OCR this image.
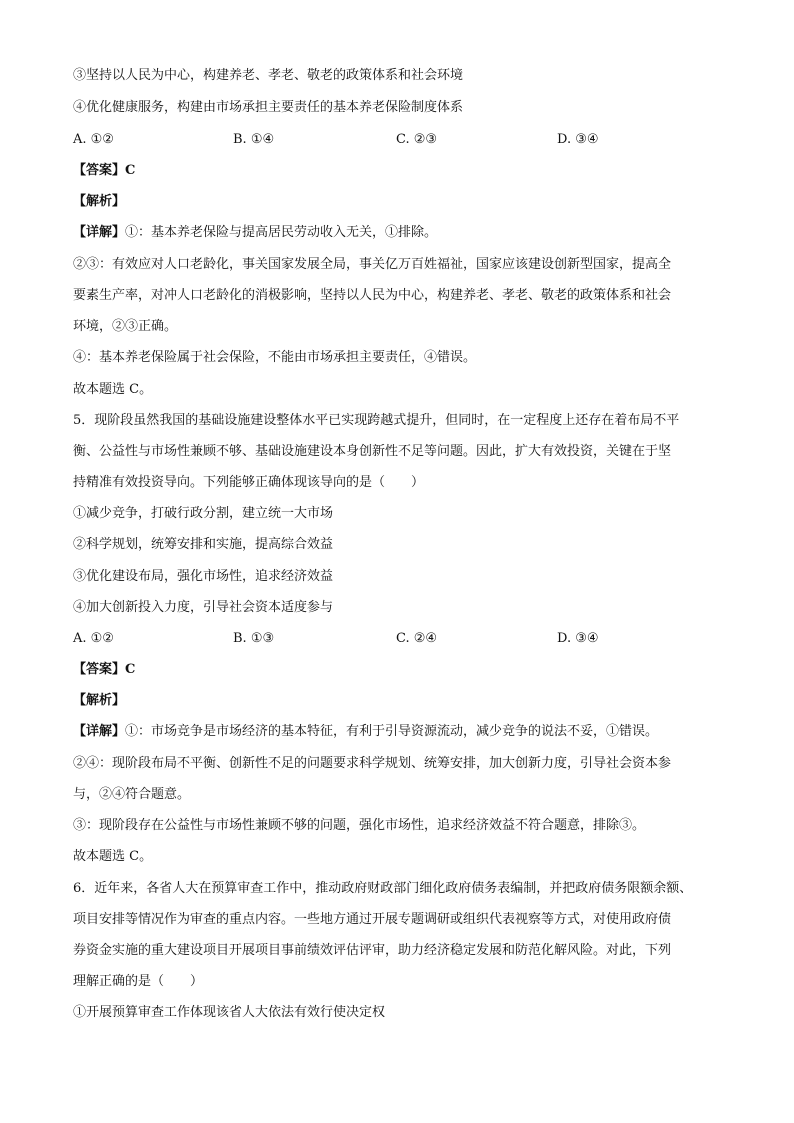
③坚持以人民为中心，构建养老、孝老、敬老的政策体系和社会环境
④优化健康服务，构建由市场承担主要责任的基本养老保险制度体系
A. ①②	B. ①④	C. ②③	D. ③④
【答案】C
【解析】
【详解】①：基本养老保险与提高居民劳动收入无关，①排除。
②③：有效应对人口老龄化，事关国家发展全局，事关亿万百姓福祉，国家应该建设创新型国家，提高全
要素生产率，对冲人口老龄化的消极影响，坚持以人民为中心，构建养老、孝老、敬老的政策体系和社会
环境，②③正确。
④：基本养老保险属于社会保险，不能由市场承担主要责任，④错误。
故本题选 C。
5．现阶段虽然我国的基础设施建设整体水平已实现跨越式提升，但同时，在一定程度上还存在着布局不平
衡、公益性与市场性兼顾不够、基础设施建设本身创新性不足等问题。因此，扩大有效投资，关键在于坚
持精准有效投资导向。下列能够正确体现该导向的是（　　）
①减少竞争，打破行政分割，建立统一大市场
②科学规划，统筹安排和实施，提高综合效益
③优化建设布局，强化市场性，追求经济效益
④加大创新投入力度，引导社会资本适度参与
A. ①②	B. ①③	C. ②④	D. ③④
【答案】C
【解析】
【详解】①：市场竞争是市场经济的基本特征，有利于引导资源流动，减少竞争的说法不妥，①错误。
②④：现阶段布局不平衡、创新性不足的问题要求科学规划、统筹安排，加大创新力度，引导社会资本参
与，②④符合题意。
③：现阶段存在公益性与市场性兼顾不够的问题，强化市场性，追求经济效益不符合题意，排除③。
故本题选 C。
6．近年来，各省人大在预算审查工作中，推动政府财政部门细化政府债务表编制，并把政府债务限额余额、
项目安排等情况作为审查的重点内容。一些地方通过开展专题调研或组织代表视察等方式，对使用政府债
券资金实施的重大建设项目开展项目事前绩效评估评审，助力经济稳定发展和防范化解风险。对此，下列
理解正确的是（　　）
①开展预算审查工作体现该省人大依法有效行使决定权
